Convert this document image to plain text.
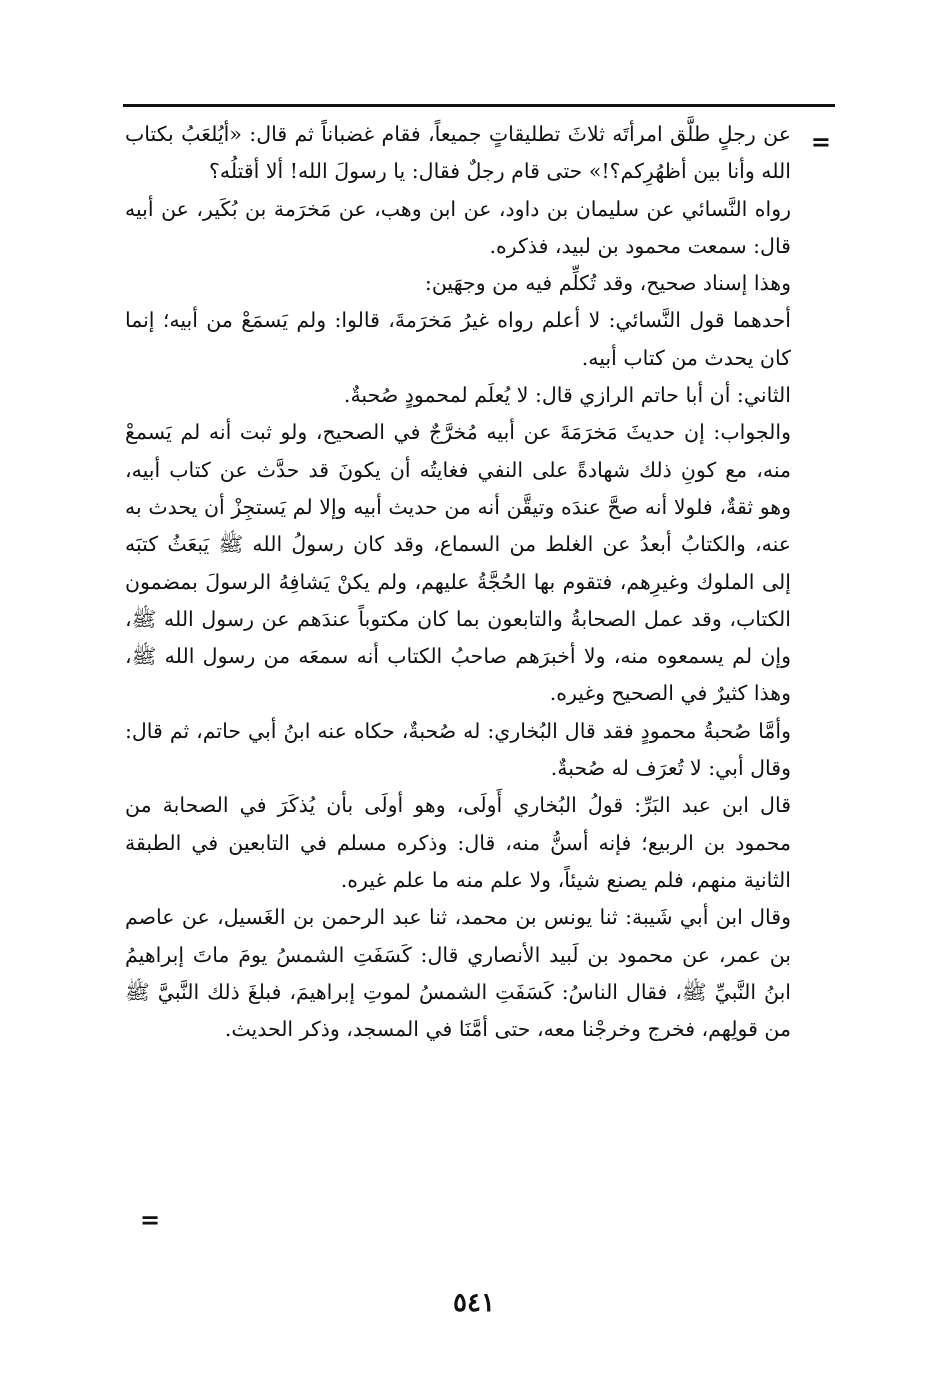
=

عن رجلٍ طلَّق امرأتَه ثلاثَ تطليقاتٍ جميعاً، فقام غضباناً ثم قال: «أيُلعَبُ بكتاب الله وأنا بين أظهُرِكم؟!» حتى قام رجلٌ فقال: يا رسولَ الله! ألا أقتلُه؟

رواه النَّسائي عن سليمان بن داود، عن ابن وهب، عن مَخرَمة بن بُكَير، عن أبيه قال: سمعت محمود بن لبيد، فذكره.

وهذا إسناد صحيح، وقد تُكلِّم فيه من وجهَين:

أحدهما قول النَّسائي: لا أعلم رواه غيرُ مَخرَمةَ، قالوا: ولم يَسمَعْ من أبيه؛ إنما كان يحدث من كتاب أبيه.

الثاني: أن أبا حاتم الرازي قال: لا يُعلَم لمحمودٍ صُحبةٌ.

والجواب: إن حديثَ مَخرَمَةَ عن أبيه مُخرَّجٌ في الصحيح، ولو ثبت أنه لم يَسمعْ منه، مع كونِ ذلك شهادةً على النفي فغايتُه أن يكونَ قد حدَّث عن كتاب أبيه، وهو ثقةٌ، فلولا أنه صحَّ عندَه وتيقَّن أنه من حديث أبيه وإلا لم يَستجِزْ أن يحدث به عنه، والكتابُ أبعدُ عن الغلط من السماع، وقد كان رسولُ الله ﷺ يَبعَثُ كتبَه إلى الملوك وغيرِهم، فتقوم بها الحُجَّةُ عليهم، ولم يكنْ يَشافِهُ الرسولَ بمضمون الكتاب، وقد عمل الصحابةُ والتابعون بما كان مكتوباً عندَهم عن رسول الله ﷺ، وإن لم يسمعوه منه، ولا أخبرَهم صاحبُ الكتاب أنه سمعَه من رسول الله ﷺ، وهذا كثيرٌ في الصحيح وغيره.

وأمَّا صُحبةُ محمودٍ فقد قال البُخاري: له صُحبةٌ، حكاه عنه ابنُ أبي حاتم، ثم قال: وقال أبي: لا تُعرَف له صُحبةٌ.

قال ابن عبد البَرِّ: قولُ البُخاري أَولَى، وهو أولَى بأن يُذكَرَ في الصحابة من محمود بن الربيع؛ فإنه أسنُّ منه، قال: وذكره مسلم في التابعين في الطبقة الثانية منهم، فلم يصنع شيئاً، ولا علم منه ما علم غيره.

وقال ابن أبي شَيبة: ثنا يونس بن محمد، ثنا عبد الرحمن بن الغَسيل، عن عاصم بن عمر، عن محمود بن لَبيد الأنصاري قال: كَسَفَتِ الشمسُ يومَ ماتَ إبراهيمُ ابنُ النَّبيِّ ﷺ، فقال الناسُ: كَسَفَتِ الشمسُ لموتِ إبراهيمَ، فبلغَ ذلك النَّبيَّ ﷺ من قولِهم، فخرج وخرجْنا معه، حتى أمَّنَا في المسجد، وذكر الحديث.

=
٥٤١
